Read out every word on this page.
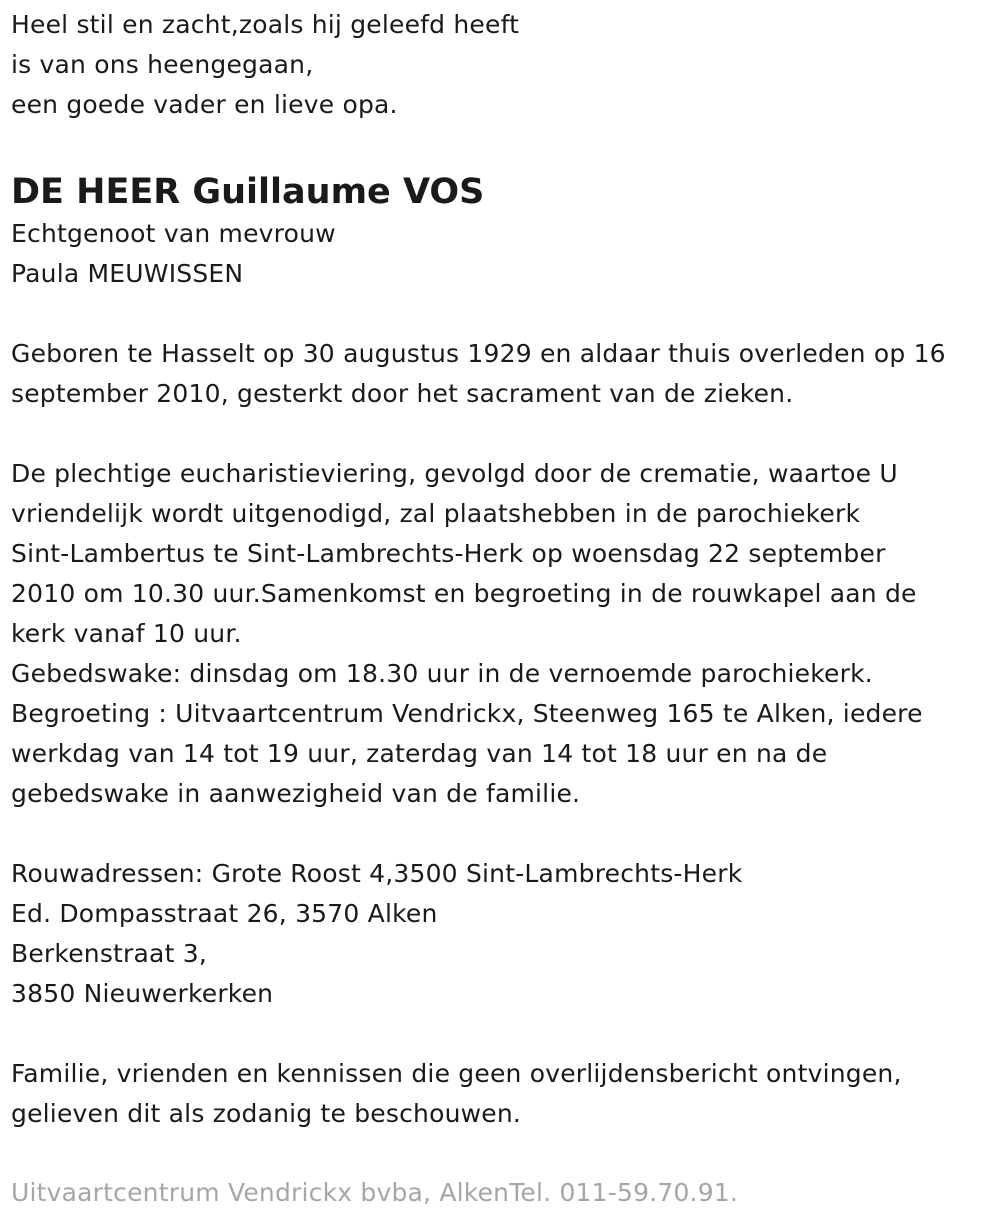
Heel stil en zacht,zoals hij geleefd heeft
is van ons heengegaan,
een goede vader en lieve opa.
DE HEER Guillaume VOS
Echtgenoot van mevrouw
Paula MEUWISSEN
Geboren te Hasselt op 30 augustus 1929 en aldaar thuis overleden op 16
september 2010, gesterkt door het sacrament van de zieken.
De plechtige eucharistieviering, gevolgd door de crematie, waartoe U
vriendelijk wordt uitgenodigd, zal plaatshebben in de parochiekerk
Sint-Lambertus te Sint-Lambrechts-Herk op woensdag 22 september
2010 om 10.30 uur.Samenkomst en begroeting in de rouwkapel aan de
kerk vanaf 10 uur.
Gebedswake: dinsdag om 18.30 uur in de vernoemde parochiekerk.
Begroeting : Uitvaartcentrum Vendrickx, Steenweg 165 te Alken, iedere
werkdag van 14 tot 19 uur, zaterdag van 14 tot 18 uur en na de
gebedswake in aanwezigheid van de familie.
Rouwadressen: Grote Roost 4,3500 Sint-Lambrechts-Herk
Ed. Dompasstraat 26, 3570 Alken
Berkenstraat 3,
3850 Nieuwerkerken
Familie, vrienden en kennissen die geen overlijdensbericht ontvingen,
gelieven dit als zodanig te beschouwen.
Uitvaartcentrum Vendrickx bvba, AlkenTel. 011-59.70.91.
